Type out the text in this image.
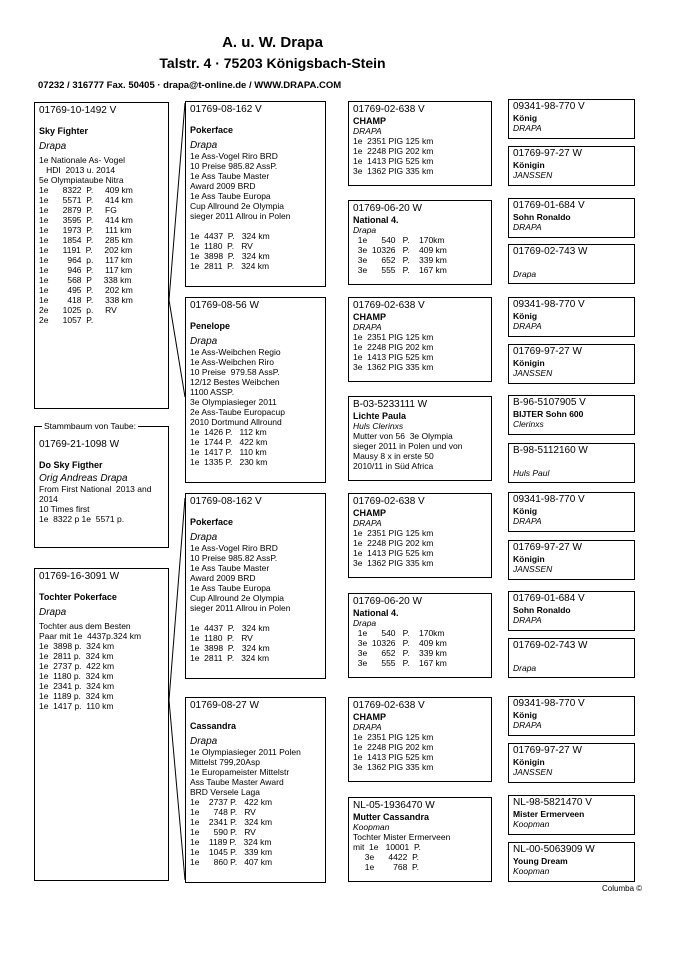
A. u. W. Drapa
Talstr. 4 · 75203 Königsbach-Stein
07232 / 316777 Fax. 50405 · drapa@t-online.de / WWW.DRAPA.COM
01769-10-1492 V
Sky Fighter
Drapa
1e Nationale As- Vogel
HDI  2013 u. 2014
5e Olympiataube Nitra
1e      8322  P.     409 km
1e      5571  P.     414 km
1e      2879  P.     FG
1e      3595  P.     414 km
1e      1973  P.     111 km
1e      1854  P.     285 km
1e      1191  P.     202 km
1e        964  p.     117 km
1e        946  P.     117 km
1e        568  P     338 km
1e        495  P.     202 km
1e        418  P.     338 km
2e      1025  p.     RV
2e      1057  P.
01769-21-1098 W
Do Sky Figther
Orig Andreas Drapa
From First National  2013 and
2014
10 Times first
1e  8322 p 1e  5571 p.
Stammbaum von Taube:
01769-16-3091 W
Tochter Pokerface
Drapa
Tochter aus dem Besten
Paar mit 1e  4437p.324 km
1e  3898 p.  324 km
1e  2811 p.  324 km
1e  2737 p.  422 km
1e  1180 p.  324 km
1e  2341 p.  324 km
1e  1189 p.  324 km
1e  1417 p.  110 km
01769-08-162 V
Pokerface
Drapa
1e Ass-Vogel Riro BRD
10 Preise 985.82 AssP.
1e Ass Taube Master
Award 2009 BRD
1e Ass Taube Europa
Cup Allround 2e Olympia
sieger 2011 Allrou in Polen

1e  4437  P.   324 km
1e  1180  P.   RV
1e  3898  P.   324 km
1e  2811  P.   324 km
01769-08-56 W
Penelope
Drapa
1e Ass-Weibchen Regio
1e Ass-Weibchen Riro
10 Preise  979.58 AssP.
12/12 Bestes Weibchen
1100 ASSP.
3e Olympiasieger 2011
2e Ass-Taube Europacup
2010 Dortmund Allround
1e  1426 P.   112 km
1e  1744 P.   422 km
1e  1417 P.   110 km
1e  1335 P.   230 km
01769-08-162 V
Pokerface
Drapa
1e Ass-Vogel Riro BRD
10 Preise 985.82 AssP.
1e Ass Taube Master
Award 2009 BRD
1e Ass Taube Europa
Cup Allround 2e Olympia
sieger 2011 Allrou in Polen

1e  4437  P.   324 km
1e  1180  P.   RV
1e  3898  P.   324 km
1e  2811  P.   324 km
01769-08-27 W
Cassandra
Drapa
1e Olympiasieger 2011 Polen
Mittelst 799,20Asp
1e Europameister Mittelstr
Ass Taube Master Award
BRD Versele Laga
1e    2737 P.   422 km
1e      748 P.   RV
1e    2341 P.   324 km
1e      590 P.   RV
1e    1189 P.   324 km
1e    1045 P.   339 km
1e      860 P.   407 km
01769-02-638 V
CHAMP
DRAPA
1e  2351 PIG 125 km
1e  2248 PIG 202 km
1e  1413 PIG 525 km
3e  1362 PIG 335 km
01769-06-20 W
National 4.
Drapa
1e      540   P.    170km
3e  10326   P.    409 km
3e      652   P.    339 km
3e      555   P.    167 km
01769-02-638 V
CHAMP
DRAPA
1e  2351 PIG 125 km
1e  2248 PIG 202 km
1e  1413 PIG 525 km
3e  1362 PIG 335 km
B-03-5233111 W
Lichte Paula
Huls Clerinxs
Mutter von 56  3e Olympia
sieger 2011 in Polen und von
Mausy 8 x in erste 50
2010/11 in Süd Africa
01769-02-638 V
CHAMP
DRAPA
1e  2351 PIG 125 km
1e  2248 PIG 202 km
1e  1413 PIG 525 km
3e  1362 PIG 335 km
01769-06-20 W
National 4.
Drapa
1e      540   P.    170km
3e  10326   P.    409 km
3e      652   P.    339 km
3e      555   P.    167 km
01769-02-638 V
CHAMP
DRAPA
1e  2351 PIG 125 km
1e  2248 PIG 202 km
1e  1413 PIG 525 km
3e  1362 PIG 335 km
NL-05-1936470 W
Mutter Cassandra
Koopman
Tochter Mister Ermerveen
mit  1e   10001  P.
3e      4422  P.
1e        768  P.
09341-98-770 V
König
DRAPA
01769-97-27 W
Königin
JANSSEN
01769-01-684 V
Sohn Ronaldo
DRAPA
01769-02-743 W
Drapa
09341-98-770 V
König
DRAPA
01769-97-27 W
Königin
JANSSEN
B-96-5107905 V
BIJTER Sohn 600
Clerinxs
B-98-5112160 W
Huls Paul
09341-98-770 V
König
DRAPA
01769-97-27 W
Königin
JANSSEN
01769-01-684 V
Sohn Ronaldo
DRAPA
01769-02-743 W
Drapa
09341-98-770 V
König
DRAPA
01769-97-27 W
Königin
JANSSEN
NL-98-5821470 V
Mister Ermerveen
Koopman
NL-00-5063909 W
Young Dream
Koopman
Columba ©
